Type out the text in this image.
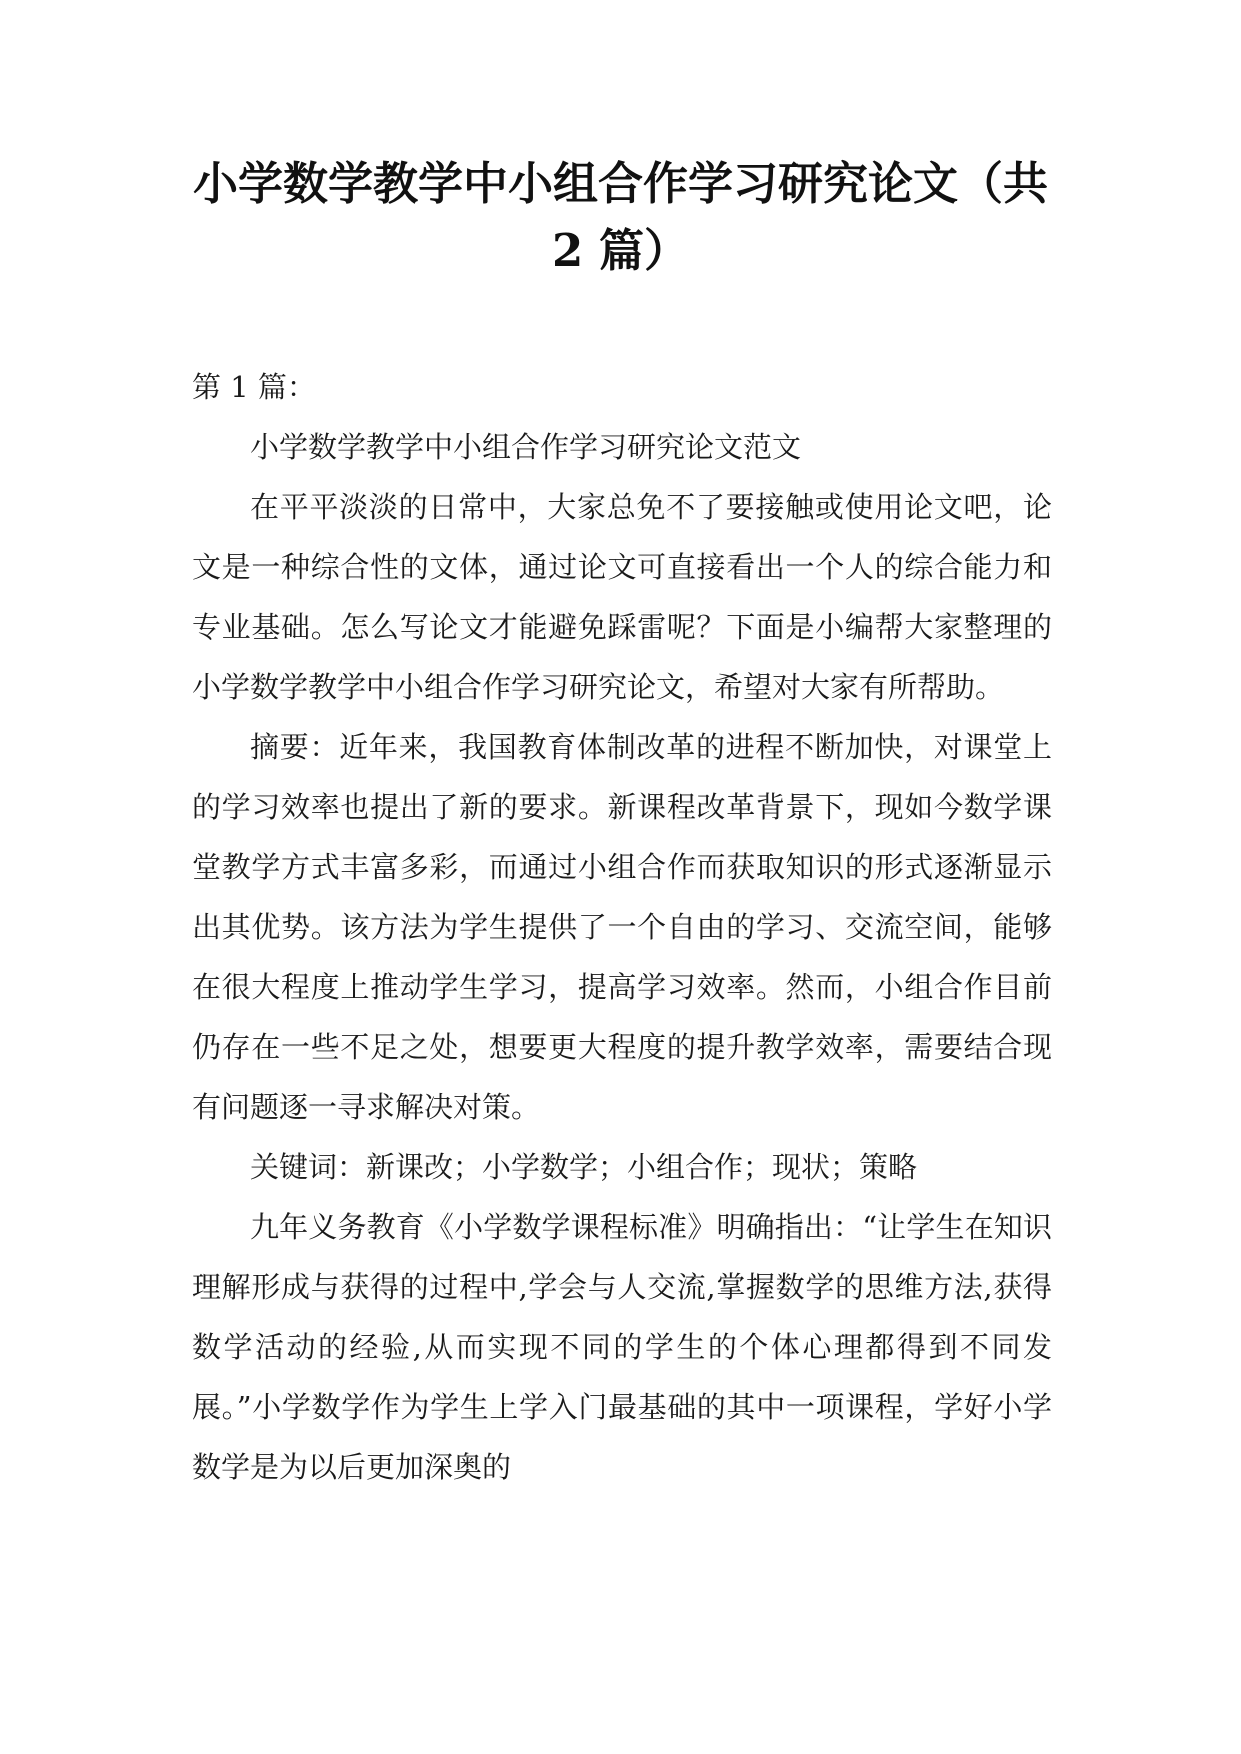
小学数学教学中小组合作学习研究论文（共
2 篇）

第 1 篇：

小学数学教学中小组合作学习研究论文范文

在平平淡淡的日常中，大家总免不了要接触或使用论文吧，论文是一种综合性的文体，通过论文可直接看出一个人的综合能力和专业基础。怎么写论文才能避免踩雷呢？下面是小编帮大家整理的小学数学教学中小组合作学习研究论文，希望对大家有所帮助。

摘要：近年来，我国教育体制改革的进程不断加快，对课堂上的学习效率也提出了新的要求。新课程改革背景下，现如今数学课堂教学方式丰富多彩，而通过小组合作而获取知识的形式逐渐显示出其优势。该方法为学生提供了一个自由的学习、交流空间，能够在很大程度上推动学生学习，提高学习效率。然而，小组合作目前仍存在一些不足之处，想要更大程度的提升教学效率，需要结合现有问题逐一寻求解决对策。

关键词：新课改；小学数学；小组合作；现状；策略

九年义务教育《小学数学课程标准》明确指出：“让学生在知识理解形成与获得的过程中,学会与人交流,掌握数学的思维方法,获得数学活动的经验,从而实现不同的学生的个体心理都得到不同发展。”小学数学作为学生上学入门最基础的其中一项课程，学好小学数学是为以后更加深奥的
